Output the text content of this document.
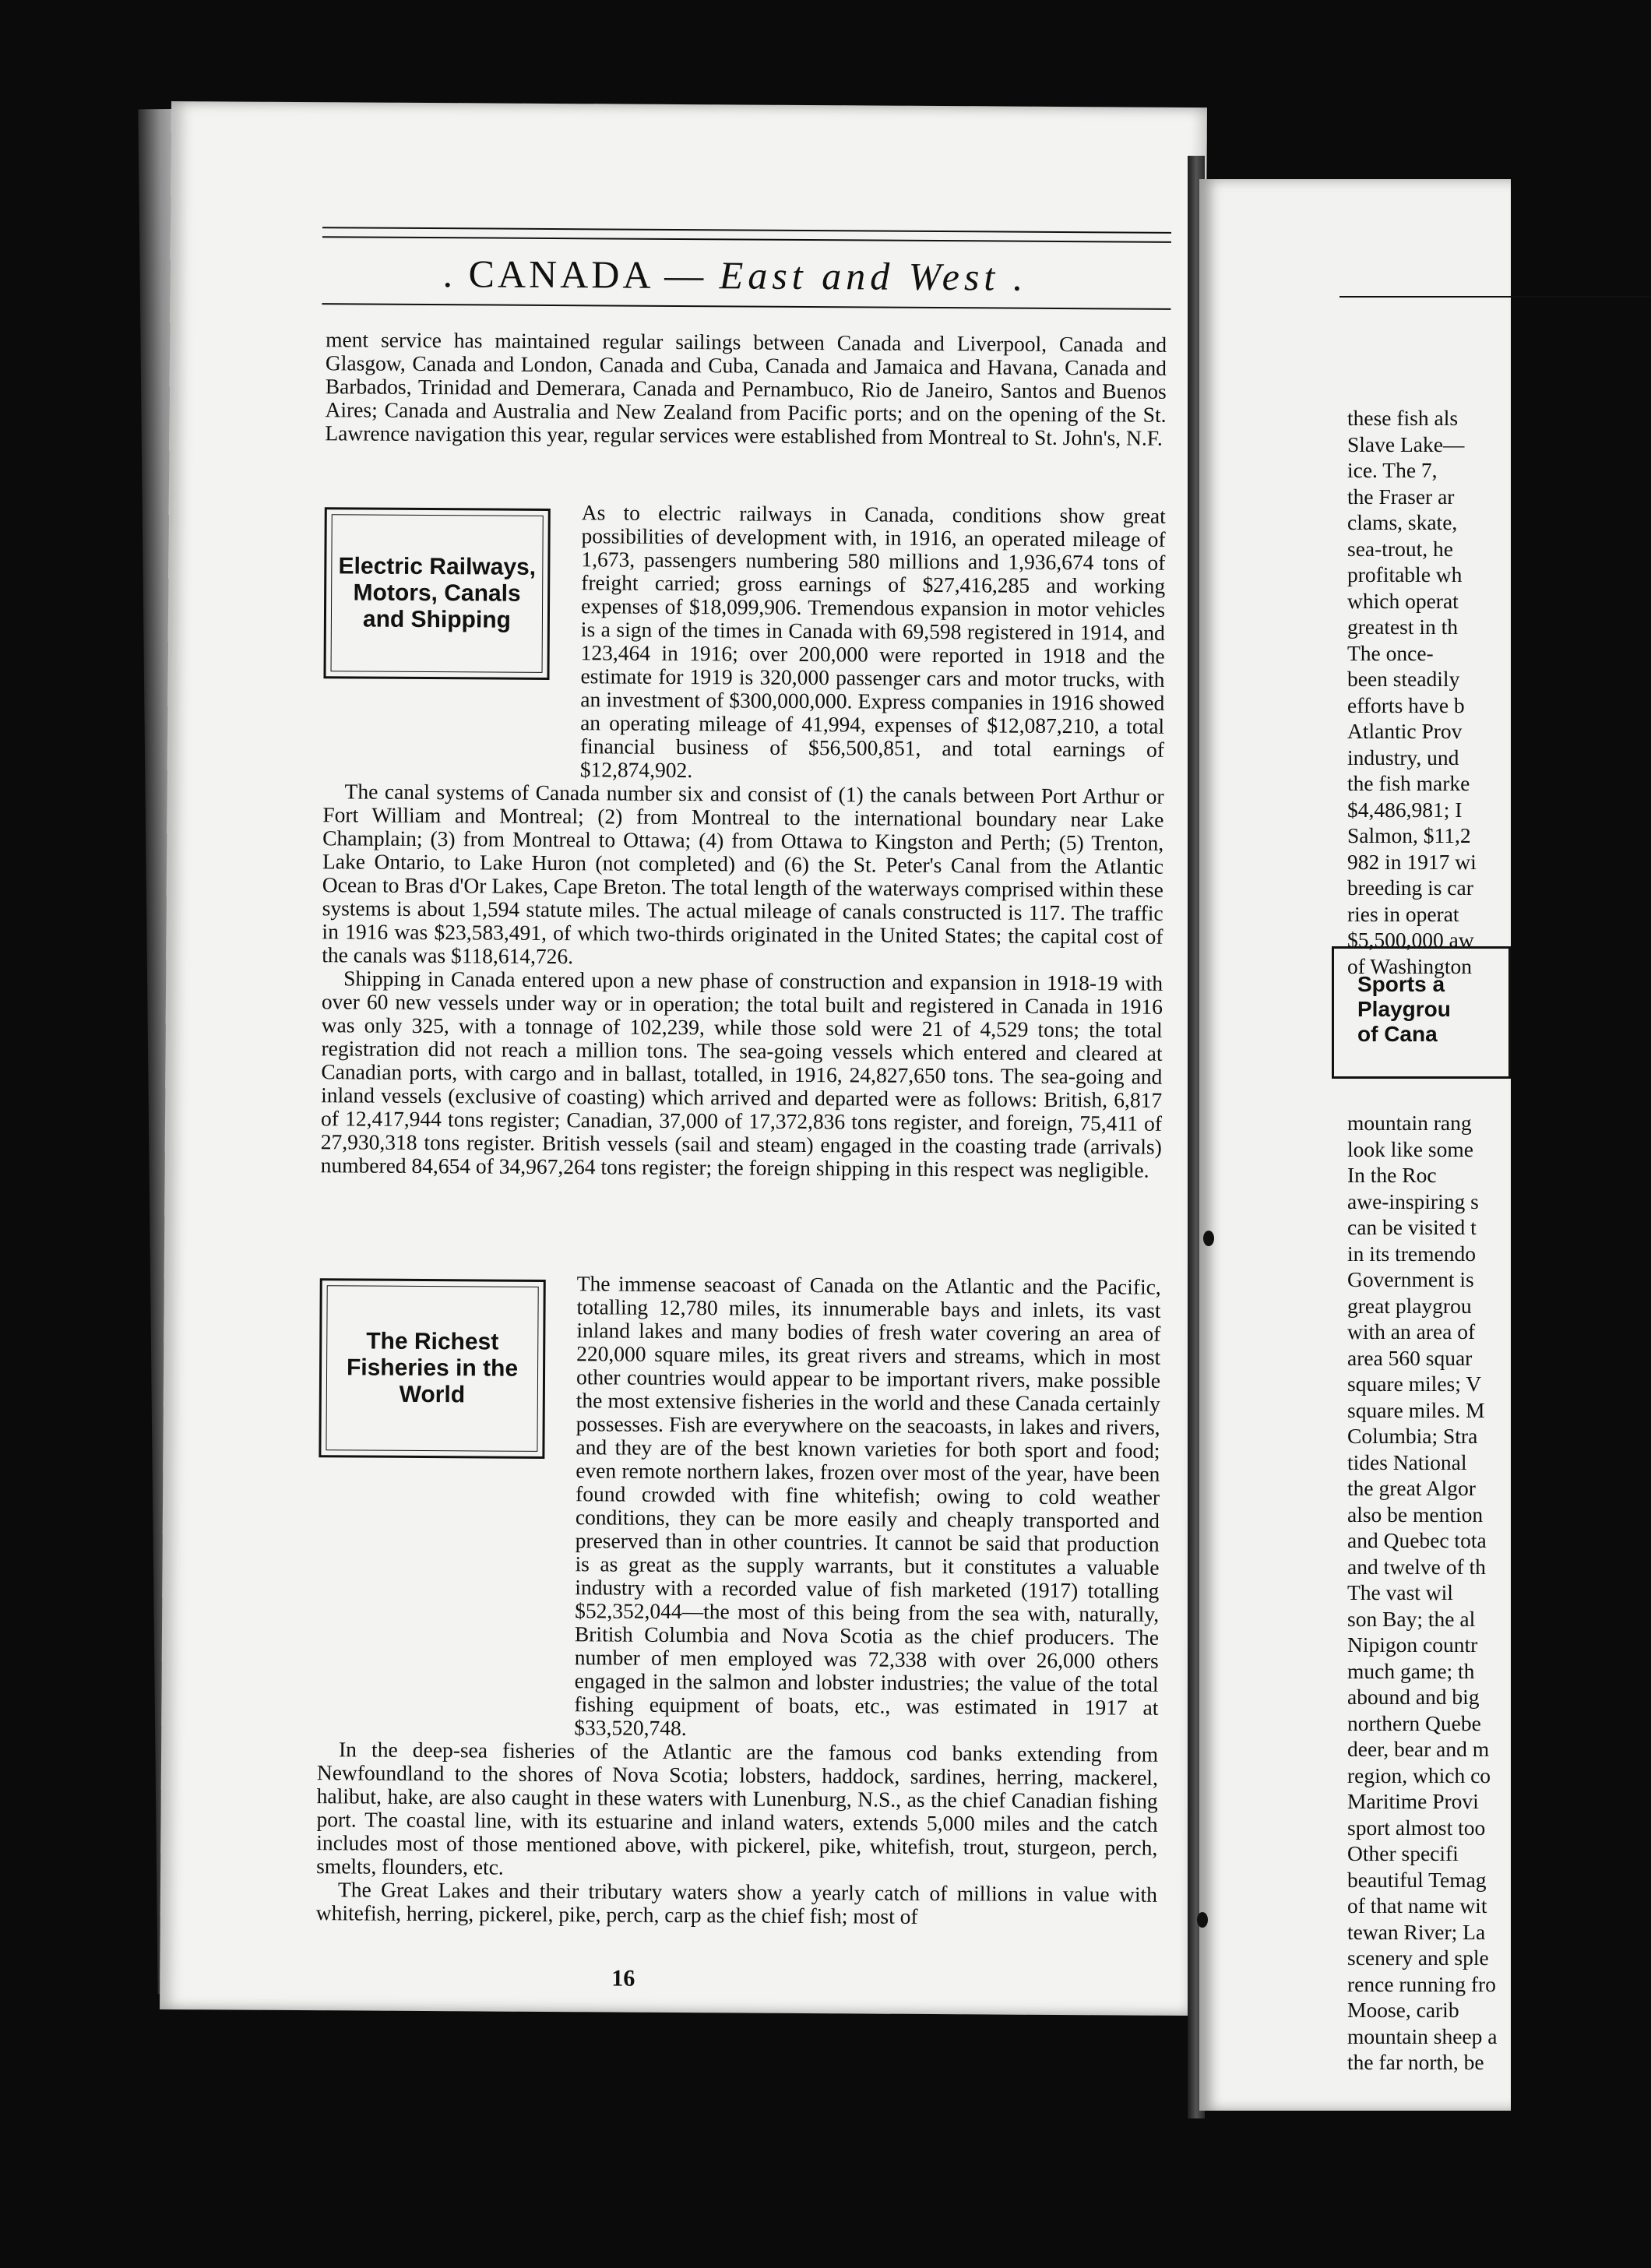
. CANADA — East and West .

ment service has maintained regular sailings between Canada and Liverpool, Canada and Glasgow, Canada and London, Canada and Cuba, Canada and Jamaica and Havana, Canada and Barbados, Trinidad and Demerara, Canada and Pernambuco, Rio de Janeiro, Santos and Buenos Aires; Canada and Australia and New Zealand from Pacific ports; and on the opening of the St. Lawrence navigation this year, regular services were established from Montreal to St. John's, N.F.

Electric Railways, Motors, Canals and Shipping

As to electric railways in Canada, conditions show great possibilities of development with, in 1916, an operated mileage of 1,673, passengers numbering 580 millions and 1,936,674 tons of freight carried; gross earnings of $27,416,285 and working expenses of $18,099,906. Tremendous expansion in motor vehicles is a sign of the times in Canada with 69,598 registered in 1914, and 123,464 in 1916; over 200,000 were reported in 1918 and the estimate for 1919 is 320,000 passenger cars and motor trucks, with an investment of $300,000,000. Express companies in 1916 showed an operating mileage of 41,994, expenses of $12,087,210, a total financial business of $56,500,851, and total earnings of $12,874,902.

The canal systems of Canada number six and consist of (1) the canals between Port Arthur or Fort William and Montreal; (2) from Montreal to the international boundary near Lake Champlain; (3) from Montreal to Ottawa; (4) from Ottawa to Kingston and Perth; (5) Trenton, Lake Ontario, to Lake Huron (not completed) and (6) the St. Peter's Canal from the Atlantic Ocean to Bras d'Or Lakes, Cape Breton. The total length of the waterways comprised within these systems is about 1,594 statute miles. The actual mileage of canals constructed is 117. The traffic in 1916 was $23,583,491, of which two-thirds originated in the United States; the capital cost of the canals was $118,614,726.

Shipping in Canada entered upon a new phase of construction and expansion in 1918-19 with over 60 new vessels under way or in operation; the total built and registered in Canada in 1916 was only 325, with a tonnage of 102,239, while those sold were 21 of 4,529 tons; the total registration did not reach a million tons. The sea-going vessels which entered and cleared at Canadian ports, with cargo and in ballast, totalled, in 1916, 24,827,650 tons. The sea-going and inland vessels (exclusive of coasting) which arrived and departed were as follows: British, 6,817 of 12,417,944 tons register; Canadian, 37,000 of 17,372,836 tons register, and foreign, 75,411 of 27,930,318 tons register. British vessels (sail and steam) engaged in the coasting trade (arrivals) numbered 84,654 of 34,967,264 tons register; the foreign shipping in this respect was negligible.

The Richest Fisheries in the World

The immense seacoast of Canada on the Atlantic and the Pacific, totalling 12,780 miles, its innumerable bays and inlets, its vast inland lakes and many bodies of fresh water covering an area of 220,000 square miles, its great rivers and streams, which in most other countries would appear to be important rivers, make possible the most extensive fisheries in the world and these Canada certainly possesses. Fish are everywhere on the seacoasts, in lakes and rivers, and they are of the best known varieties for both sport and food; even remote northern lakes, frozen over most of the year, have been found crowded with fine whitefish; owing to cold weather conditions, they can be more easily and cheaply transported and preserved than in other countries. It cannot be said that production is as great as the supply warrants, but it constitutes a valuable industry with a recorded value of fish marketed (1917) totalling $52,352,044—the most of this being from the sea with, naturally, British Columbia and Nova Scotia as the chief producers. The number of men employed was 72,338 with over 26,000 others engaged in the salmon and lobster industries; the value of the total fishing equipment of boats, etc., was estimated in 1917 at $33,520,748.

In the deep-sea fisheries of the Atlantic are the famous cod banks extending from Newfoundland to the shores of Nova Scotia; lobsters, haddock, sardines, herring, mackerel, halibut, hake, are also caught in these waters with Lunenburg, N.S., as the chief Canadian fishing port. The coastal line, with its estuarine and inland waters, extends 5,000 miles and the catch includes most of those mentioned above, with pickerel, pike, whitefish, trout, sturgeon, perch, smelts, flounders, etc.

The Great Lakes and their tributary waters show a yearly catch of millions in value with whitefish, herring, pickerel, pike, perch, carp as the chief fish; most of

16
these fish als
Slave Lake—
ice. The 7,
the Fraser ar
clams, skate,
sea-trout, he
profitable wh
which operat
greatest in th
The once-
been steadily
efforts have b
Atlantic Prov
industry, und
the fish marke
$4,486,981; I
Salmon, $11,2
982 in 1917 wi
breeding is car
ries in operat
$5,500,000 aw
of Washington
Sports a
Playgrou
of Cana
mountain rang
look like some
In the Roc
awe-inspiring s
can be visited t
in its tremendo
Government is
great playgrou
with an area of
area 560 squar
square miles; V
square miles. M
Columbia; Stra
tides National
the great Algor
also be mention
and Quebec tota
and twelve of th
The vast wil
son Bay; the al
Nipigon countr
much game; th
abound and big
northern Quebe
deer, bear and m
region, which co
Maritime Provi
sport almost too
Other specifi
beautiful Temag
of that name wit
tewan River; La
scenery and sple
rence running fro
Moose, carib
mountain sheep a
the far north, be
